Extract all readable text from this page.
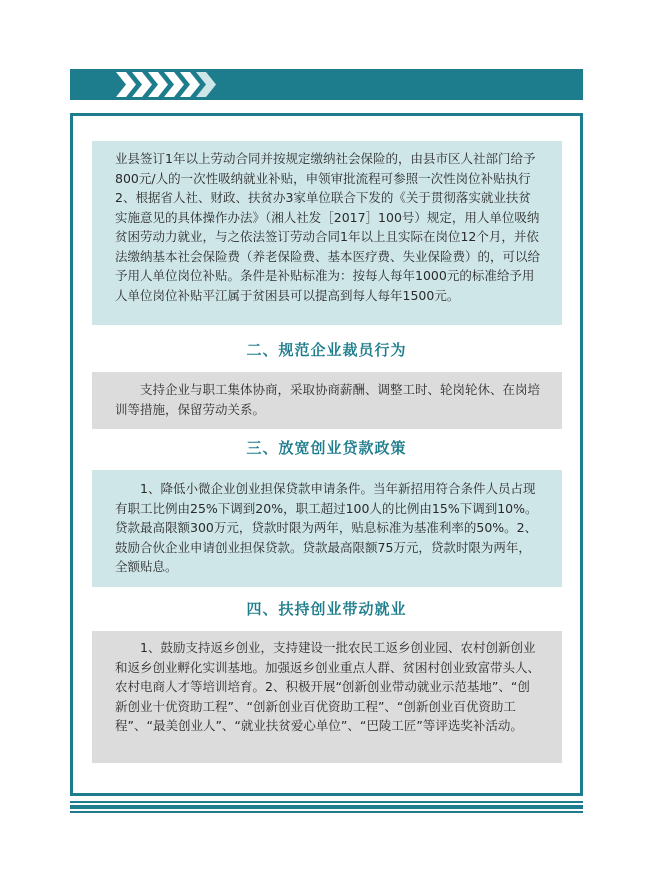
业县签订1年以上劳动合同并按规定缴纳社会保险的，由县市区人社部门给予800元/人的一次性吸纳就业补贴，申领审批流程可参照一次性岗位补贴执行2、根据省人社、财政、扶贫办3家单位联合下发的《关于贯彻落实就业扶贫实施意见的具体操作办法》（湘人社发［2017］100号）规定，用人单位吸纳贫困劳动力就业，与之依法签订劳动合同1年以上且实际在岗位12个月，并依法缴纳基本社会保险费（养老保险费、基本医疗费、失业保险费）的，可以给予用人单位岗位补贴。条件是补贴标准为：按每人每年1000元的标准给予用人单位岗位补贴平江属于贫困县可以提高到每人每年1500元。

二、规范企业裁员行为

　　支持企业与职工集体协商，采取协商薪酬、调整工时、轮岗轮休、在岗培训等措施，保留劳动关系。

三、放宽创业贷款政策

　　1、降低小微企业创业担保贷款申请条件。当年新招用符合条件人员占现有职工比例由25%下调到20%，职工超过100人的比例由15%下调到10%。贷款最高限额300万元，贷款时限为两年，贴息标准为基准利率的50%。2、鼓励合伙企业申请创业担保贷款。贷款最高限额75万元，贷款时限为两年，全额贴息。

四、扶持创业带动就业

　　1、鼓励支持返乡创业，支持建设一批农民工返乡创业园、农村创新创业和返乡创业孵化实训基地。加强返乡创业重点人群、贫困村创业致富带头人、农村电商人才等培训培育。2、积极开展“创新创业带动就业示范基地”、“创新创业十优资助工程”、“创新创业百优资助工程”、“创新创业百优资助工程”、“最美创业人”、“就业扶贫爱心单位”、“巴陵工匠”等评选奖补活动。
